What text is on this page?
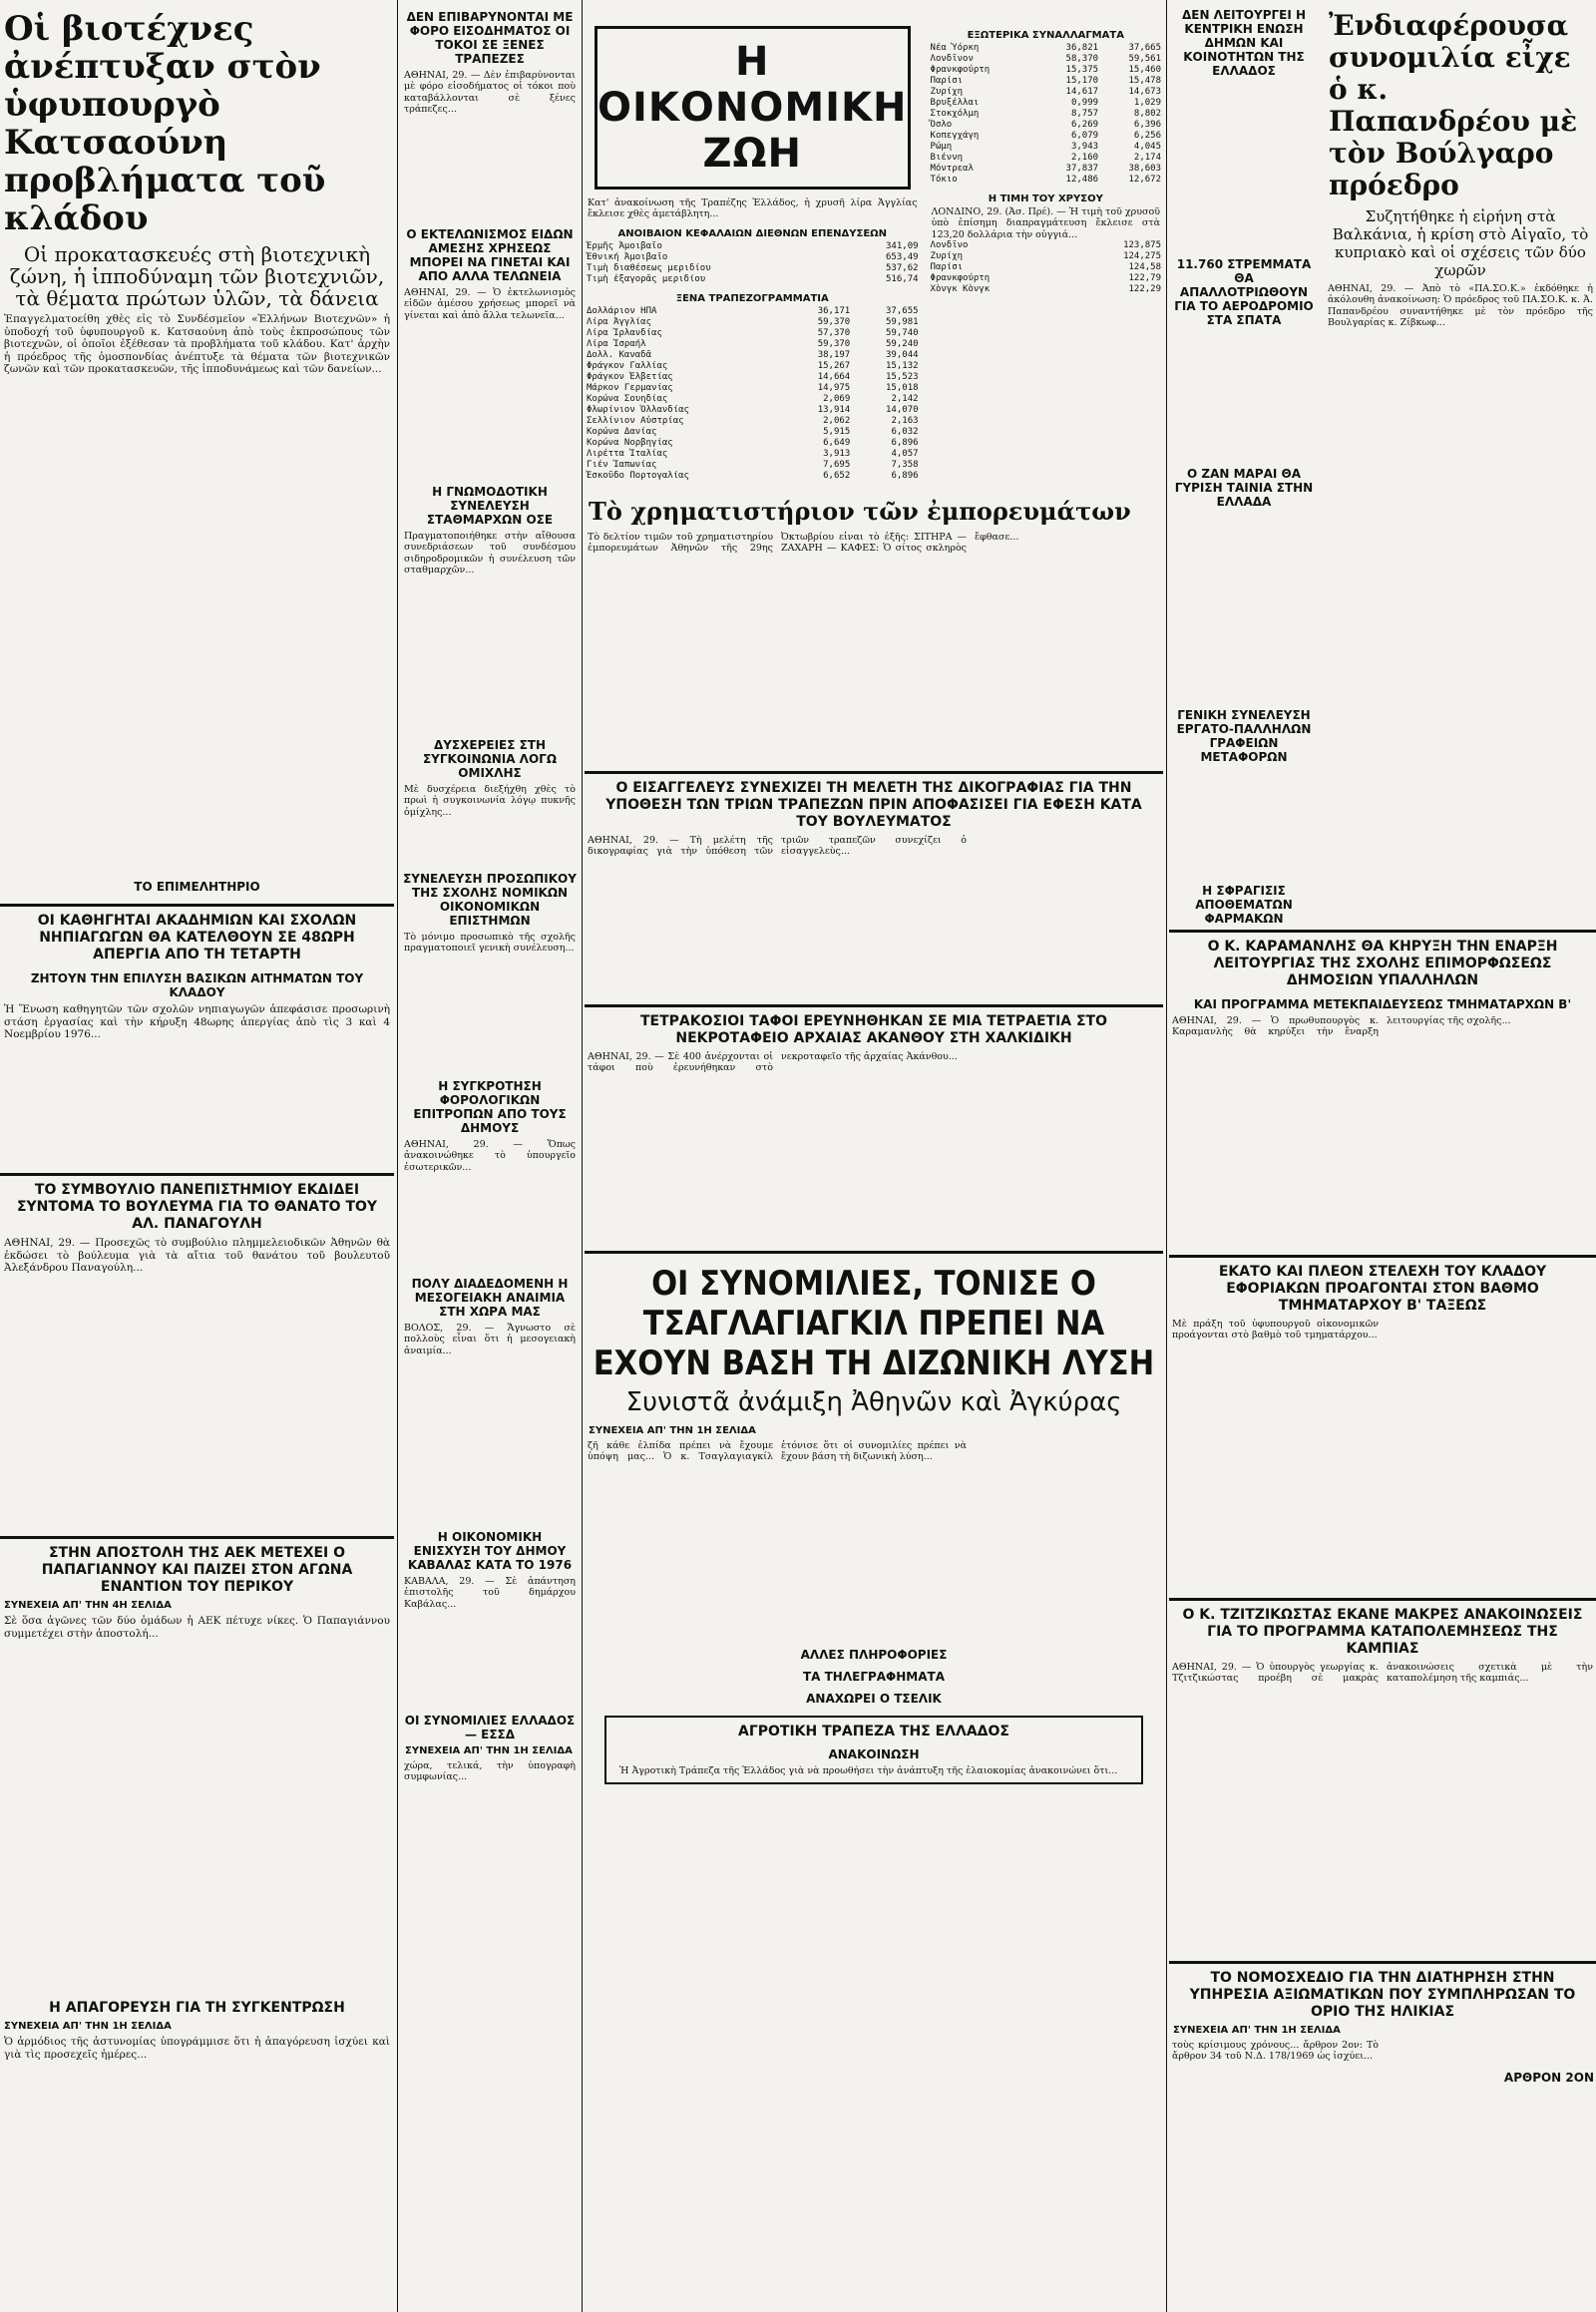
Οἱ βιοτέχνες ἀνέπτυξαν στὸν ὑφυπουργὸ Κατσαούνη προβλήματα τοῦ κλάδου
Οἱ προκατασκευές στὴ βιοτεχνικὴ ζώνη, ἡ ἱπποδύναμη τῶν βιοτεχνιῶν, τὰ θέματα πρώτων ὑλῶν, τὰ δάνεια
Ἐπαγγελματοείθη χθὲς εἰς τὸ Συνδέσμεῖον «Ἑλλήνων Βιοτεχνῶν» ἡ ὑποδοχή τοῦ ὑφυπουργοῦ κ. Κατσαούνη ἀπὸ τοὺς ἐκπροσώπους τῶν βιοτεχνῶν, οἱ ὁποῖοι ἐξέθεσαν τὰ προβλήματα τοῦ κλάδου. Κατ' ἀρχὴν ἡ πρόεδρος τῆς ὁμοσπονδίας ἀνέπτυξε τὰ θέματα τῶν βιοτεχνικῶν ζωνῶν καὶ τῶν προκατασκευῶν, τῆς ἱπποδυνάμεως καὶ τῶν δανείων...
ΤΟ ΕΠΙΜΕΛΗΤΗΡΙΟ
ΟΙ ΚΑΘΗΓΗΤΑΙ ΑΚΑΔΗΜΙΩΝ ΚΑΙ ΣΧΟΛΩΝ ΝΗΠΙΑΓΩΓΩΝ ΘΑ ΚΑΤΕΛΘΟΥΝ ΣΕ 48ΩΡΗ ΑΠΕΡΓΙΑ ΑΠΟ ΤΗ ΤΕΤΑΡΤΗ
ΖΗΤΟΥΝ ΤΗΝ ΕΠΙΛΥΣΗ ΒΑΣΙΚΩΝ ΑΙΤΗΜΑΤΩΝ ΤΟΥ ΚΛΑΔΟΥ
Ἡ Ἕνωση καθηγητῶν τῶν σχολῶν νηπιαγωγῶν ἀπεφάσισε προσωρινὴ στάση ἐργασίας καὶ τὴν κήρυξη 48ωρης ἀπεργίας ἀπὸ τὶς 3 καὶ 4 Νοεμβρίου 1976...
ΤΟ ΣΥΜΒΟΥΛΙΟ ΠΑΝΕΠΙΣΤΗΜΙΟΥ ΕΚΔΙΔΕΙ ΣΥΝΤΟΜΑ ΤΟ ΒΟΥΛΕΥΜΑ ΓΙΑ ΤΟ ΘΑΝΑΤΟ ΤΟΥ ΑΛ. ΠΑΝΑΓΟΥΛΗ
ΑΘΗΝΑΙ, 29. — Προσεχῶς τὸ συμβούλιο πλημμελειοδικῶν Ἀθηνῶν θὰ ἐκδώσει τὸ βούλευμα γιὰ τὰ αἴτια τοῦ θανάτου τοῦ βουλευτοῦ Ἀλεξάνδρου Παναγούλη...
ΣΤΗΝ ΑΠΟΣΤΟΛΗ ΤΗΣ ΑΕΚ ΜΕΤΕΧΕΙ Ο ΠΑΠΑΓΙΑΝΝΟΥ ΚΑΙ ΠΑΙΖΕΙ ΣΤΟΝ ΑΓΩΝΑ ΕΝΑΝΤΙΟΝ ΤΟΥ ΠΕΡΙΚΟΥ
ΣΥΝΕΧΕΙΑ ΑΠ' ΤΗΝ 4Η ΣΕΛΙΔΑ
Σὲ ὅσα ἀγῶνες τῶν δύο ὁμάδων ἡ ΑΕΚ πέτυχε νίκες. Ὁ Παπαγιάννου συμμετέχει στὴν ἀποστολή...
Η ΑΠΑΓΟΡΕΥΣΗ ΓΙΑ ΤΗ ΣΥΓΚΕΝΤΡΩΣΗ
ΣΥΝΕΧΕΙΑ ΑΠ' ΤΗΝ 1Η ΣΕΛΙΔΑ
Ὁ ἀρμόδιος τῆς ἀστυνομίας ὑπογράμμισε ὅτι ἡ ἀπαγόρευση ἰσχύει καὶ γιὰ τὶς προσεχεῖς ἡμέρες...
ΔΕΝ ΕΠΙΒΑΡΥΝΟΝΤΑΙ ΜΕ ΦΟΡΟ ΕΙΣΟΔΗΜΑΤΟΣ ΟΙ ΤΟΚΟΙ ΣΕ ΞΕΝΕΣ ΤΡΑΠΕΖΕΣ
ΑΘΗΝΑΙ, 29. — Δὲν ἐπιβαρύνονται μὲ φόρο εἰσοδήματος οἱ τόκοι ποὺ καταβάλλονται σὲ ξένες τράπεζες...
Ο ΕΚΤΕΛΩΝΙΣΜΟΣ ΕΙΔΩΝ ΑΜΕΣΗΣ ΧΡΗΣΕΩΣ ΜΠΟΡΕΙ ΝΑ ΓΙΝΕΤΑΙ ΚΑΙ ΑΠΟ ΑΛΛΑ ΤΕΛΩΝΕΙΑ
ΑΘΗΝΑΙ, 29. — Ὁ ἐκτελωνισμὸς εἰδῶν ἀμέσου χρήσεως μπορεῖ νὰ γίνεται καὶ ἀπὸ ἄλλα τελωνεῖα...
Η ΓΝΩΜΟΔΟΤΙΚΗ ΣΥΝΕΛΕΥΣΗ ΣΤΑΘΜΑΡΧΩΝ ΟΣΕ
Πραγματοποιήθηκε στὴν αἴθουσα συνεδριάσεων τοῦ συνδέσμου σιδηροδρομικῶν ἡ συνέλευση τῶν σταθμαρχῶν...
ΔΥΣΧΕΡΕΙΕΣ ΣΤΗ ΣΥΓΚΟΙΝΩΝΙΑ ΛΟΓΩ ΟΜΙΧΛΗΣ
Μὲ δυσχέρεια διεξήχθη χθὲς τὸ πρωὶ ἡ συγκοινωνία λόγῳ πυκνῆς ὁμίχλης...
ΣΥΝΕΛΕΥΣΗ ΠΡΟΣΩΠΙΚΟΥ ΤΗΣ ΣΧΟΛΗΣ ΝΟΜΙΚΩΝ ΟΙΚΟΝΟΜΙΚΩΝ ΕΠΙΣΤΗΜΩΝ
Τὸ μόνιμο προσωπικὸ τῆς σχολῆς πραγματοποιεῖ γενικὴ συνέλευση...
Η ΣΥΓΚΡΟΤΗΣΗ ΦΟΡΟΛΟΓΙΚΩΝ ΕΠΙΤΡΟΠΩΝ ΑΠΟ ΤΟΥΣ ΔΗΜΟΥΣ
ΑΘΗΝΑΙ, 29. — Ὅπως ἀνακοινώθηκε τὸ ὑπουργεῖο ἐσωτερικῶν...
ΠΟΛΥ ΔΙΑΔΕΔΟΜΕΝΗ Η ΜΕΣΟΓΕΙΑΚΗ ΑΝΑΙΜΙΑ ΣΤΗ ΧΩΡΑ ΜΑΣ
ΒΟΛΟΣ, 29. — Ἄγνωστο σὲ πολλοὺς εἶναι ὅτι ἡ μεσογειακὴ ἀναιμία...
Η ΟΙΚΟΝΟΜΙΚΗ ΕΝΙΣΧΥΣΗ ΤΟΥ ΔΗΜΟΥ ΚΑΒΑΛΑΣ ΚΑΤΑ ΤΟ 1976
ΚΑΒΑΛΑ, 29. — Σὲ ἀπάντηση ἐπιστολῆς τοῦ δημάρχου Καβάλας...
ΟΙ ΣΥΝΟΜΙΛΙΕΣ ΕΛΛΑΔΟΣ — ΕΣΣΔ
ΣΥΝΕΧΕΙΑ ΑΠ' ΤΗΝ 1Η ΣΕΛΙΔΑ
χώρα, τελικά, τὴν ὑπογραφὴ συμφωνίας...
Η ΟΙΚΟΝΟΜΙΚΗ ΖΩΗ
Κατ' ἀνακοίνωση τῆς Τραπέζης Ἑλλάδος, ἡ χρυσῆ λίρα Ἀγγλίας ἔκλεισε χθὲς ἀμετάβλητη...
ΑΝΟΙΒΑΙΟΝ ΚΕΦΑΛΑΙΩΝ ΔΙΕΘΝΩΝ ΕΠΕΝΔΥΣΕΩΝ
Ἑρμῆς Ἀμοιβαῖο	341,09
Ἐθνική Ἀμοιβαῖο	653,49
Τιμὴ διαθέσεως μεριδίου	537,62
Τιμὴ ἐξαγορᾶς μεριδίου	516,74
ΞΕΝΑ ΤΡΑΠΕΖΟΓΡΑΜΜΑΤΙΑ
Δολλάριον ΗΠΑ	36,171	37,655
Λίρα Ἀγγλίας	59,370	59,981
Λίρα Ἰρλανδίας	57,370	59,740
Λίρα Ἰσραήλ	59,370	59,240
Δολλ. Καναδᾶ	38,197	39,044
Φράγκον Γαλλίας	15,267	15,132
Φράγκον Ἑλβετίας	14,664	15,523
Μάρκον Γερμανίας	14,975	15,018
Κορώνα Σουηδίας	2,069	2,142
Φλωρίνιον Ὁλλανδίας	13,914	14,070
Σελλίνιον Αὐστρίας	2,062	2,163
Κορώνα Δανίας	5,915	6,032
Κορώνα Νορβηγίας	6,649	6,896
Λιρέττα Ἰταλίας	3,913	4,057
Γιέν Ἰαπωνίας	7,695	7,358
Ἐσκοῦδο Πορτογαλίας	6,652	6,896
ΕΞΩΤΕΡΙΚΑ ΣΥΝΑΛΛΑΓΜΑΤΑ
Νέα Ὑόρκη	36,821	37,665
Λονδῖνον	58,370	59,561
Φρανκφούρτη	15,375	15,460
Παρίσι	15,170	15,478
Ζυρίχη	14,617	14,673
Βρυξέλλαι	0,999	1,029
Στοκχόλμη	8,757	8,802
Ὄσλο	6,269	6,396
Κοπεγχάγη	6,079	6,256
Ρώμη	3,943	4,045
Βιέννη	2,160	2,174
Μόντρεαλ	37,837	38,603
Τόκιο	12,486	12,672
Η ΤΙΜΗ ΤΟΥ ΧΡΥΣΟΥ
ΛΟΝΔΙΝΟ, 29. (Ἀσ. Πρέ). — Ἡ τιμὴ τοῦ χρυσοῦ ὑπὸ ἐπίσημη διαπραγμάτευση ἔκλεισε στὰ 123,20 δολλάρια τὴν οὐγγιά...
Λονδῖνο	123,875
Ζυρίχη	124,275
Παρίσι	124,58
Φρανκφούρτη	122,79
Χὸνγκ Κὸνγκ	122,29
Τὸ χρηματιστήριον τῶν ἐμπορευμάτων
Τὸ δελτίον τιμῶν τοῦ χρηματιστηρίου ἐμπορευμάτων Ἀθηνῶν τῆς 29ης Ὀκτωβρίου εἶναι τὸ ἑξῆς: ΣΙΤΗΡΑ — ΖΑΧΑΡΗ — ΚΑΦΕΣ: Ὁ σίτος σκληρὸς ἔφθασε...
Ο ΕΙΣΑΓΓΕΛΕΥΣ ΣΥΝΕΧΙΖΕΙ ΤΗ ΜΕΛΕΤΗ ΤΗΣ ΔΙΚΟΓΡΑΦΙΑΣ ΓΙΑ ΤΗΝ ΥΠΟΘΕΣΗ ΤΩΝ ΤΡΙΩΝ ΤΡΑΠΕΖΩΝ ΠΡΙΝ ΑΠΟΦΑΣΙΣΕΙ ΓΙΑ ΕΦΕΣΗ ΚΑΤΑ ΤΟΥ ΒΟΥΛΕΥΜΑΤΟΣ
ΑΘΗΝΑΙ, 29. — Τὴ μελέτη τῆς δικογραφίας γιὰ τὴν ὑπόθεση τῶν τριῶν τραπεζῶν συνεχίζει ὁ εἰσαγγελεὺς...
ΤΕΤΡΑΚΟΣΙΟΙ ΤΑΦΟΙ ΕΡΕΥΝΗΘΗΚΑΝ ΣΕ ΜΙΑ ΤΕΤΡΑΕΤΙΑ ΣΤΟ ΝΕΚΡΟΤΑΦΕΙΟ ΑΡΧΑΙΑΣ ΑΚΑΝΘΟΥ ΣΤΗ ΧΑΛΚΙΔΙΚΗ
ΑΘΗΝΑΙ, 29. — Σὲ 400 ἀνέρχονται οἱ τάφοι ποὺ ἐρευνήθηκαν στὸ νεκροταφεῖο τῆς ἀρχαίας Ἀκάνθου...
ΟΙ ΣΥΝΟΜΙΛΙΕΣ, ΤΟΝΙΣΕ Ο ΤΣΑΓΛΑΓΙΑΓΚΙΛ ΠΡΕΠΕΙ ΝΑ ΕΧΟΥΝ ΒΑΣΗ ΤΗ ΔΙΖΩΝΙΚΗ ΛΥΣΗ
Συνιστᾶ ἀνάμιξη Ἀθηνῶν καὶ Ἀγκύρας
ΣΥΝΕΧΕΙΑ ΑΠ' ΤΗΝ 1Η ΣΕΛΙΔΑ
ζῆ κάθε ἐλπίδα πρέπει νὰ ἔχουμε ὑπόψη μας... Ὁ κ. Τσαγλαγιαγκίλ ἐτόνισε ὅτι οἱ συνομιλίες πρέπει νὰ ἔχουν βάση τὴ διζωνικὴ λύση...
ΑΛΛΕΣ ΠΛΗΡΟΦΟΡΙΕΣ
ΤΑ ΤΗΛΕΓΡΑΦΗΜΑΤΑ
ΑΝΑΧΩΡΕΙ Ο ΤΣΕΛΙΚ
ΑΓΡΟΤΙΚΗ ΤΡΑΠΕΖΑ ΤΗΣ ΕΛΛΑΔΟΣ
ΑΝΑΚΟΙΝΩΣΗ
Ἡ Ἀγροτικὴ Τράπεζα τῆς Ἑλλάδος γιὰ νὰ προωθήσει τὴν ἀνάπτυξη τῆς ἐλαιοκομίας ἀνακοινώνει ὅτι...
ΔΕΝ ΛΕΙΤΟΥΡΓΕΙ Η ΚΕΝΤΡΙΚΗ ΕΝΩΣΗ ΔΗΜΩΝ ΚΑΙ ΚΟΙΝΟΤΗΤΩΝ ΤΗΣ ΕΛΛΑΔΟΣ
11.760 ΣΤΡΕΜΜΑΤΑ ΘΑ ΑΠΑΛΛΟΤΡΙΩΘΟΥΝ ΓΙΑ ΤΟ ΑΕΡΟΔΡΟΜΙΟ ΣΤΑ ΣΠΑΤΑ
Ο ΖΑΝ ΜΑΡΑΙ ΘΑ ΓΥΡΙΣΗ ΤΑΙΝΙΑ ΣΤΗΝ ΕΛΛΑΔΑ
ΓΕΝΙΚΗ ΣΥΝΕΛΕΥΣΗ ΕΡΓΑΤΟ-ΠΑΛΛΗΛΩΝ ΓΡΑΦΕΙΩΝ ΜΕΤΑΦΟΡΩΝ
Η ΣΦΡΑΓΙΣΙΣ ΑΠΟΘΕΜΑΤΩΝ ΦΑΡΜΑΚΩΝ
Ἐνδιαφέρουσα συνομιλία εἶχε ὁ κ. Παπανδρέου μὲ τὸν Βούλγαρο πρόεδρο
Συζητήθηκε ἡ εἰρήνη στὰ Βαλκάνια, ἡ κρίση στὸ Αἰγαῖο, τὸ κυπριακὸ καὶ οἱ σχέσεις τῶν δύο χωρῶν
ΑΘΗΝΑΙ, 29. — Ἀπὸ τὸ «ΠΑ.ΣΟ.Κ.» ἐκδόθηκε ἡ ἀκόλουθη ἀνακοίνωση: Ὁ πρόεδρος τοῦ ΠΑ.ΣΟ.Κ. κ. Ἀ. Παπανδρέου συναντήθηκε μὲ τὸν πρόεδρο τῆς Βουλγαρίας κ. Ζίβκωφ...
Ο Κ. ΚΑΡΑΜΑΝΛΗΣ ΘΑ ΚΗΡΥΞΗ ΤΗΝ ΕΝΑΡΞΗ ΛΕΙΤΟΥΡΓΙΑΣ ΤΗΣ ΣΧΟΛΗΣ ΕΠΙΜΟΡΦΩΣΕΩΣ ΔΗΜΟΣΙΩΝ ΥΠΑΛΛΗΛΩΝ
ΚΑΙ ΠΡΟΓΡΑΜΜΑ ΜΕΤΕΚΠΑΙΔΕΥΣΕΩΣ ΤΜΗΜΑΤΑΡΧΩΝ Β'
ΑΘΗΝΑΙ, 29. — Ὁ πρωθυπουργὸς κ. Καραμανλὴς θὰ κηρύξει τὴν ἔναρξη λειτουργίας τῆς σχολῆς...
ΕΚΑΤΟ ΚΑΙ ΠΛΕΟΝ ΣΤΕΛΕΧΗ ΤΟΥ ΚΛΑΔΟΥ ΕΦΟΡΙΑΚΩΝ ΠΡΟΑΓΟΝΤΑΙ ΣΤΟΝ ΒΑΘΜΟ ΤΜΗΜΑΤΑΡΧΟΥ Β' ΤΑΞΕΩΣ
Μὲ πράξη τοῦ ὑφυπουργοῦ οἰκονομικῶν προάγονται στὸ βαθμὸ τοῦ τμηματάρχου...
Ο Κ. ΤΖΙΤΖΙΚΩΣΤΑΣ ΕΚΑΝΕ ΜΑΚΡΕΣ ΑΝΑΚΟΙΝΩΣΕΙΣ ΓΙΑ ΤΟ ΠΡΟΓΡΑΜΜΑ ΚΑΤΑΠΟΛΕΜΗΣΕΩΣ ΤΗΣ ΚΑΜΠΙΑΣ
ΑΘΗΝΑΙ, 29. — Ὁ ὑπουργὸς γεωργίας κ. Τζιτζικώστας προέβη σὲ μακρὰς ἀνακοινώσεις σχετικὰ μὲ τὴν καταπολέμηση τῆς καμπιάς...
ΤΟ ΝΟΜΟΣΧΕΔΙΟ ΓΙΑ ΤΗΝ ΔΙΑΤΗΡΗΣΗ ΣΤΗΝ ΥΠΗΡΕΣΙΑ ΑΞΙΩΜΑΤΙΚΩΝ ΠΟΥ ΣΥΜΠΛΗΡΩΣΑΝ ΤΟ ΟΡΙΟ ΤΗΣ ΗΛΙΚΙΑΣ
ΣΥΝΕΧΕΙΑ ΑΠ' ΤΗΝ 1Η ΣΕΛΙΔΑ
τοὺς κρίσιμους χρόνους... ἄρθρον 2ον: Τὸ ἄρθρον 34 τοῦ Ν.Δ. 178/1969 ὡς ἰσχύει...
ΑΡΘΡΟΝ 2ΟΝ
